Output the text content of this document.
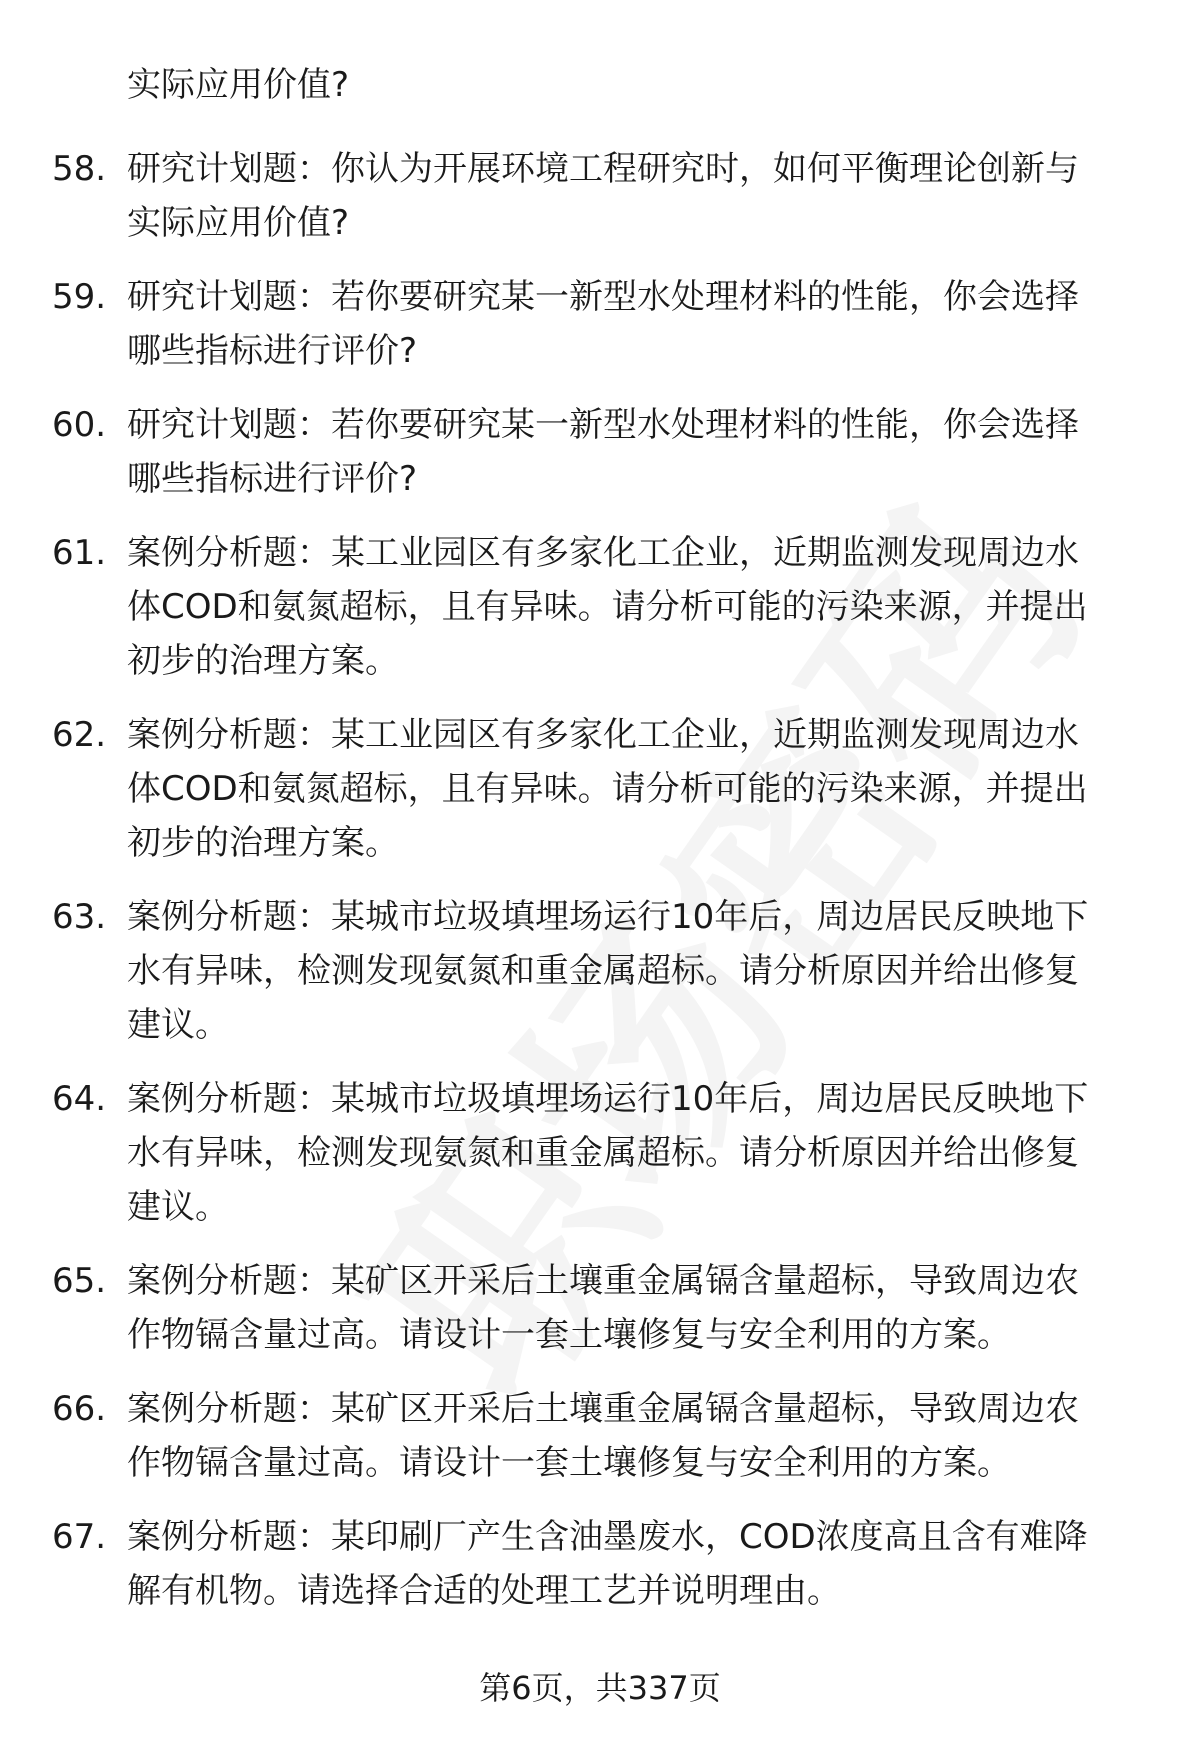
实际应用价值?
58. 研究计划题：你认为开展环境工程研究时，如何平衡理论创新与
实际应用价值?
59. 研究计划题：若你要研究某一新型水处理材料的性能，你会选择
哪些指标进行评价?
60. 研究计划题：若你要研究某一新型水处理材料的性能，你会选择
哪些指标进行评价?
61. 案例分析题：某工业园区有多家化工企业，近期监测发现周边水
体COD和氨氮超标，且有异味。请分析可能的污染来源，并提出
初步的治理方案。
62. 案例分析题：某工业园区有多家化工企业，近期监测发现周边水
体COD和氨氮超标，且有异味。请分析可能的污染来源，并提出
初步的治理方案。
63. 案例分析题：某城市垃圾填埋场运行10年后，周边居民反映地下
水有异味，检测发现氨氮和重金属超标。请分析原因并给出修复
建议。
64. 案例分析题：某城市垃圾填埋场运行10年后，周边居民反映地下
水有异味，检测发现氨氮和重金属超标。请分析原因并给出修复
建议。
65. 案例分析题：某矿区开采后土壤重金属镉含量超标，导致周边农
作物镉含量过高。请设计一套土壤修复与安全利用的方案。
66. 案例分析题：某矿区开采后土壤重金属镉含量超标，导致周边农
作物镉含量过高。请设计一套土壤修复与安全利用的方案。
67. 案例分析题：某印刷厂产生含油墨废水，COD浓度高且含有难降
解有机物。请选择合适的处理工艺并说明理由。
第6页，共337页
